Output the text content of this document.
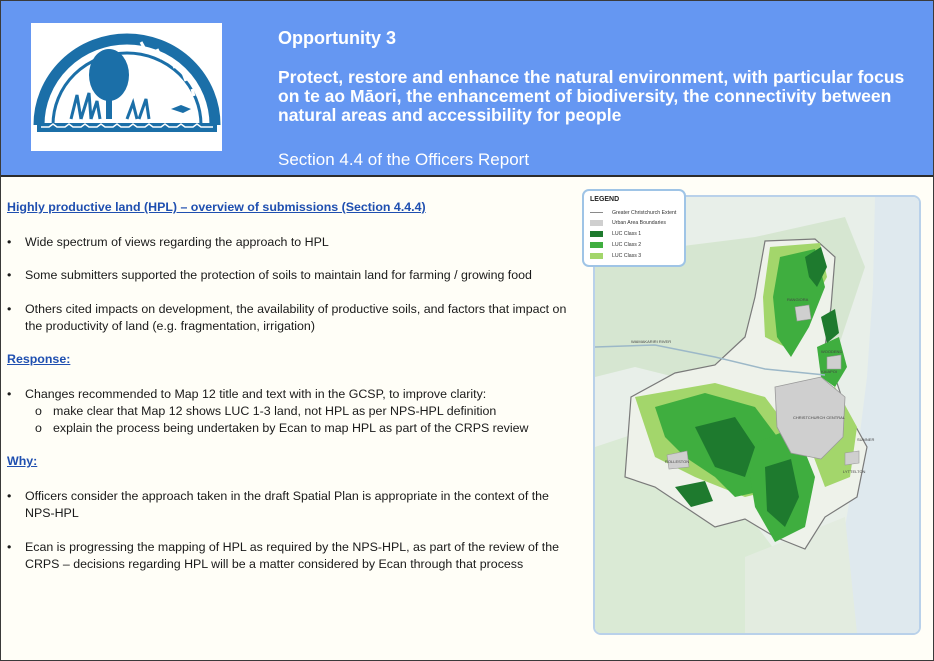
Opportunity 3
Protect, restore and enhance the natural environment, with particular focus on te ao Māori, the enhancement of biodiversity, the connectivity between natural areas and accessibility for people
Section 4.4 of the Officers Report
Highly productive land (HPL) – overview of submissions (Section 4.4.4)
• Wide spectrum of views regarding the approach to HPL
• Some submitters supported the protection of soils to maintain land for farming / growing food
• Others cited impacts on development, the availability of productive soils, and factors that impact on the productivity of land (e.g. fragmentation, irrigation)
Response:
• Changes recommended to Map 12 title and text with in the GCSP, to improve clarity:
o make clear that Map 12 shows LUC 1-3 land, not HPL as per NPS-HPL definition
o explain the process being undertaken by Ecan to map HPL as part of the CRPS review
Why:
• Officers consider the approach taken in the draft Spatial Plan is appropriate in the context of the NPS-HPL
• Ecan is progressing the mapping of HPL as required by the NPS-HPL, as part of the review of the CRPS – decisions regarding HPL will be a matter considered by Ecan through that process
RANGIORA
WOODEND
KAIAPOI
CHRISTCHURCH CENTRAL
SUMNER
LYTTELTON
ROLLESTON
WAIMAKARIRI RIVER
LEGEND
Greater Christchurch Extent
Urban Area Boundaries
LUC Class 1
LUC Class 2
LUC Class 3
